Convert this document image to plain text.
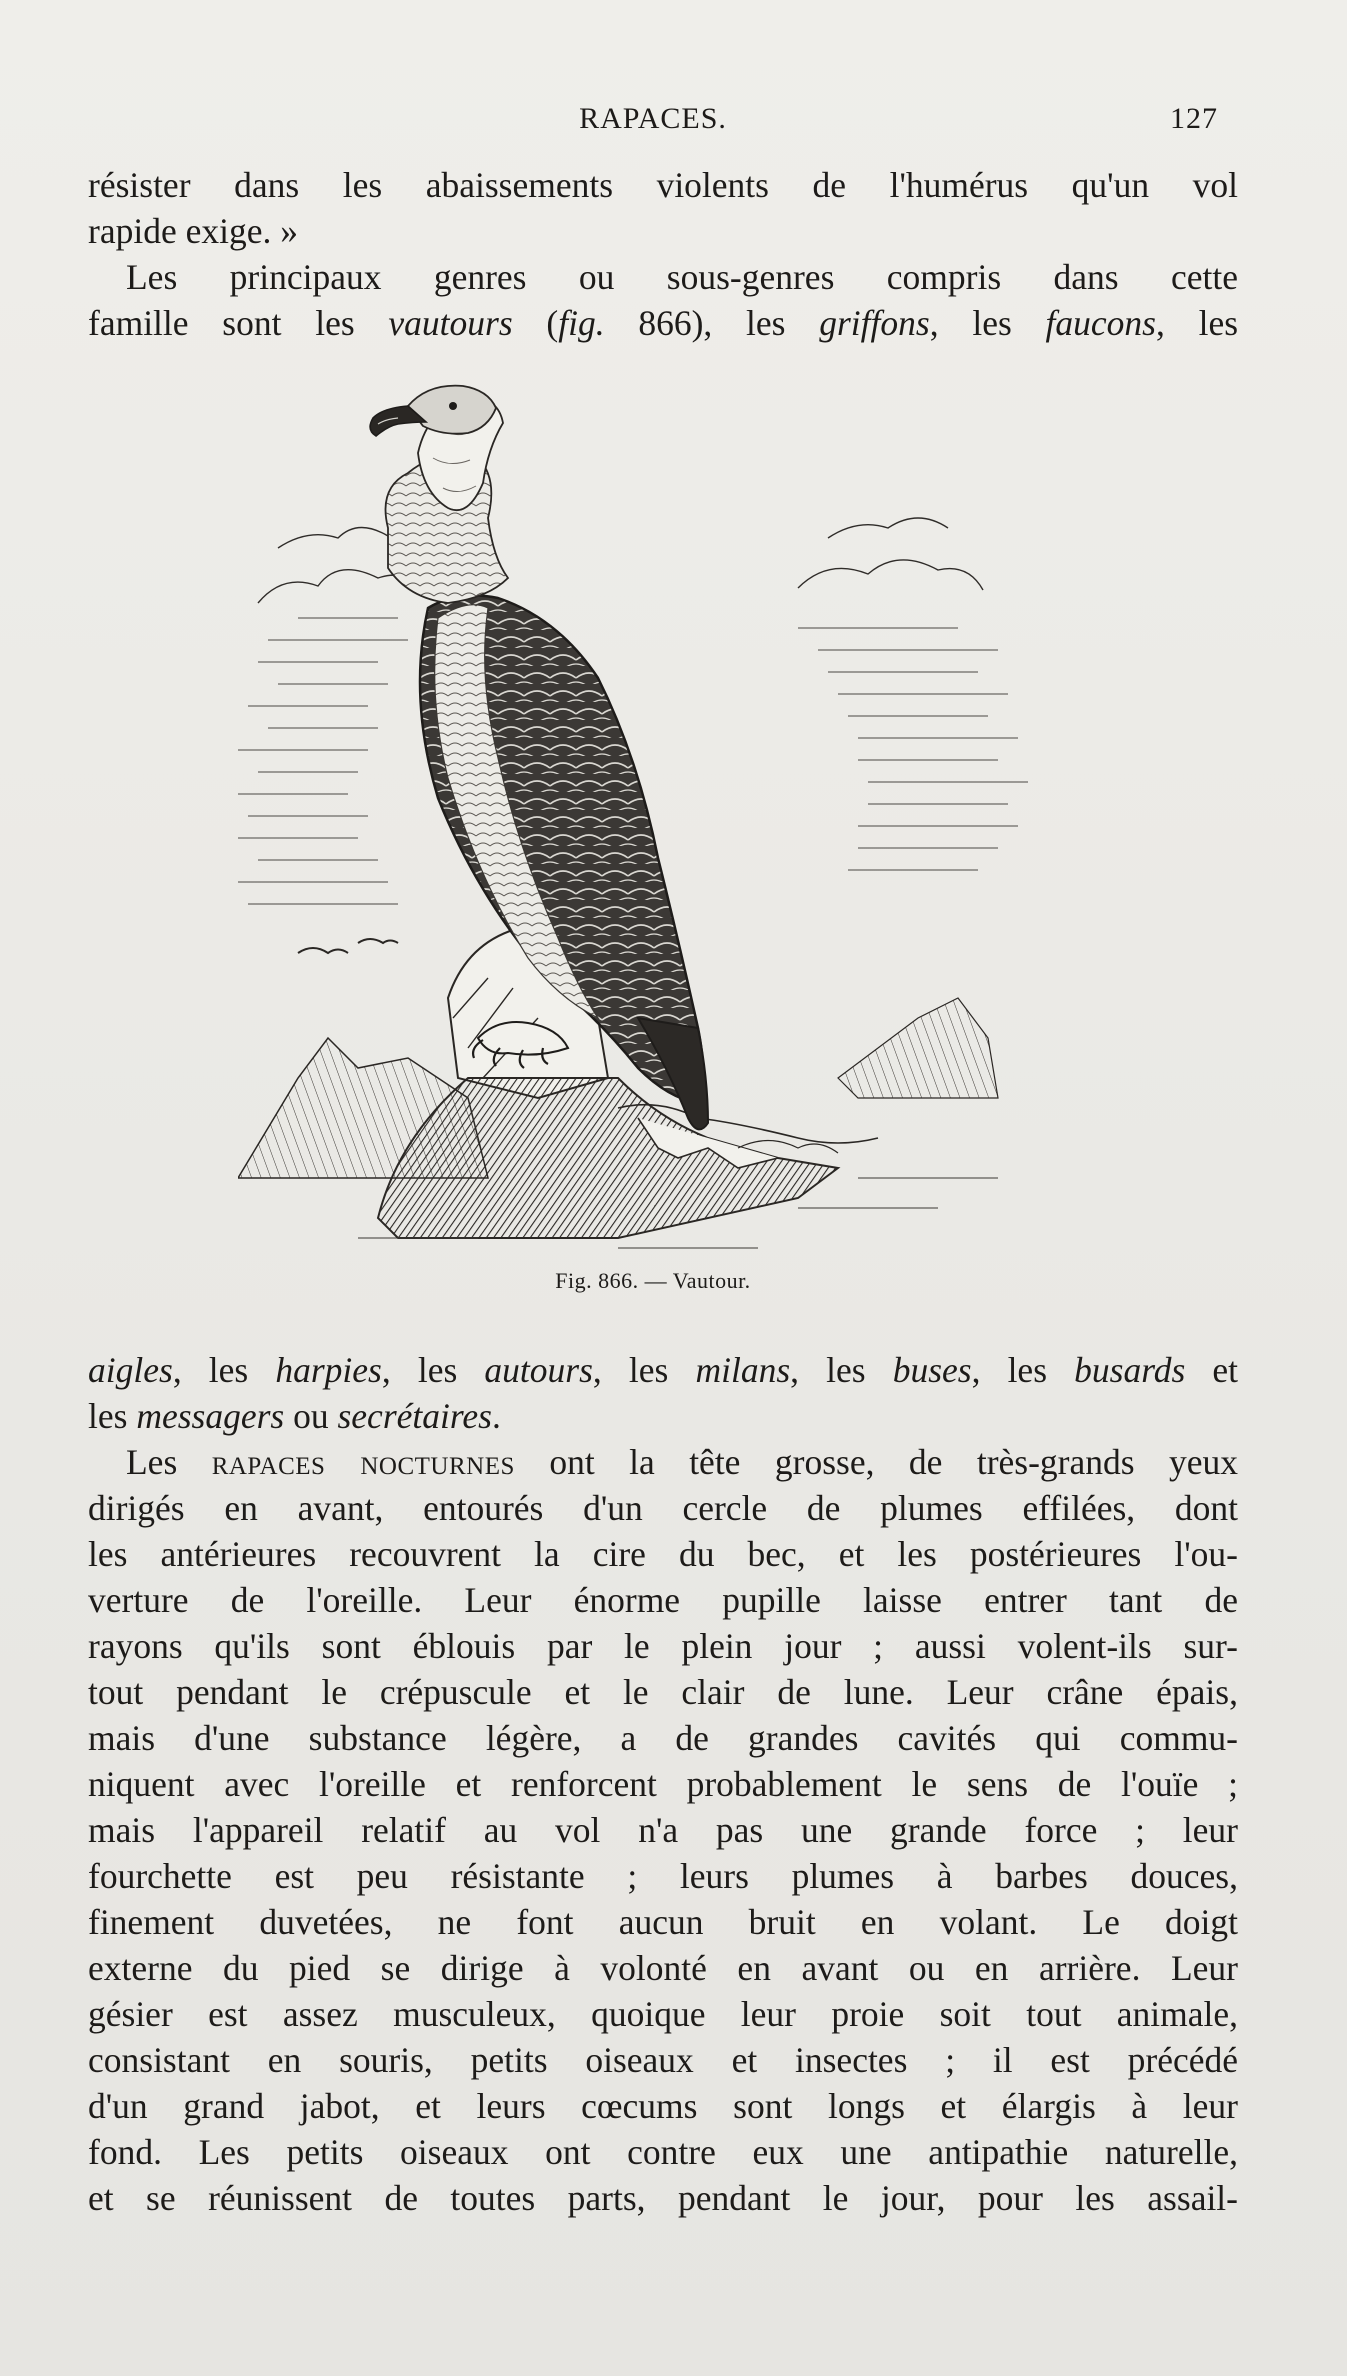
RAPACES.	127
résister dans les abaissements violents de l'humérus qu'un vol
rapide exige. »
Les principaux genres ou sous-genres compris dans cette
famille sont les vautours (fig. 866), les griffons, les faucons, les
Fig. 866. — Vautour.
aigles, les harpies, les autours, les milans, les buses, les busards et
les messagers ou secrétaires.
Les rapaces nocturnes ont la tête grosse, de très-grands yeux
dirigés en avant, entourés d'un cercle de plumes effilées, dont
les antérieures recouvrent la cire du bec, et les postérieures l'ou-
verture de l'oreille. Leur énorme pupille laisse entrer tant de
rayons qu'ils sont éblouis par le plein jour ; aussi volent-ils sur-
tout pendant le crépuscule et le clair de lune. Leur crâne épais,
mais d'une substance légère, a de grandes cavités qui commu-
niquent avec l'oreille et renforcent probablement le sens de l'ouïe ;
mais l'appareil relatif au vol n'a pas une grande force ; leur
fourchette est peu résistante ; leurs plumes à barbes douces,
finement duvetées, ne font aucun bruit en volant. Le doigt
externe du pied se dirige à volonté en avant ou en arrière. Leur
gésier est assez musculeux, quoique leur proie soit tout animale,
consistant en souris, petits oiseaux et insectes ; il est précédé
d'un grand jabot, et leurs cœcums sont longs et élargis à leur
fond. Les petits oiseaux ont contre eux une antipathie naturelle,
et se réunissent de toutes parts, pendant le jour, pour les assail-
